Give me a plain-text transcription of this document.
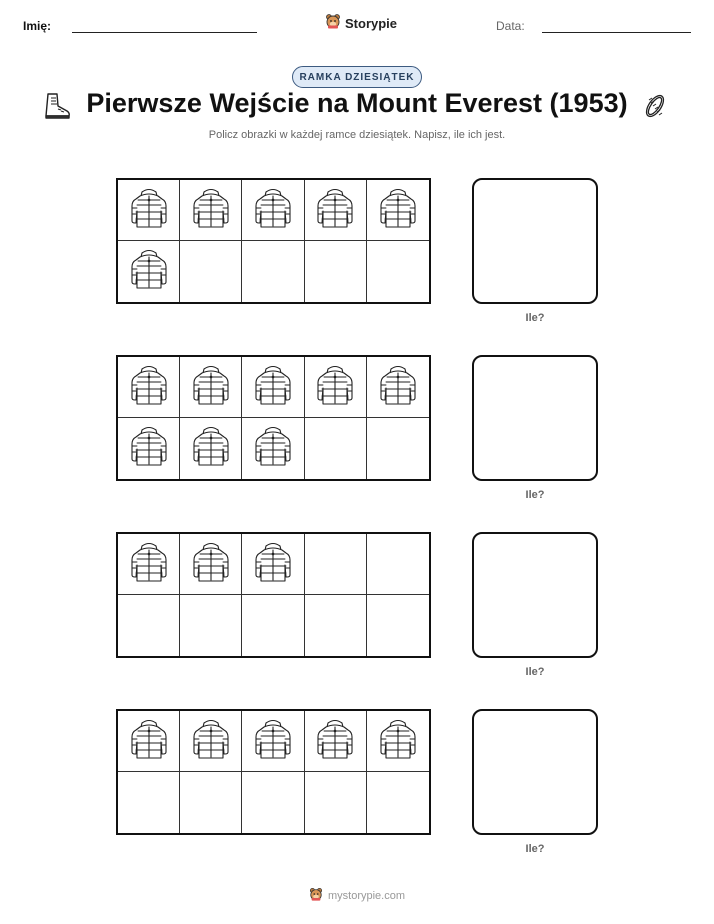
Imię:	Storypie	Data:
RAMKA DZIESIĄTEK
Pierwsze Wejście na Mount Everest (1953)
Policz obrazki w każdej ramce dziesiątek. Napisz, ile ich jest.
Ile?
Ile?
Ile?
Ile?
mystorypie.com
